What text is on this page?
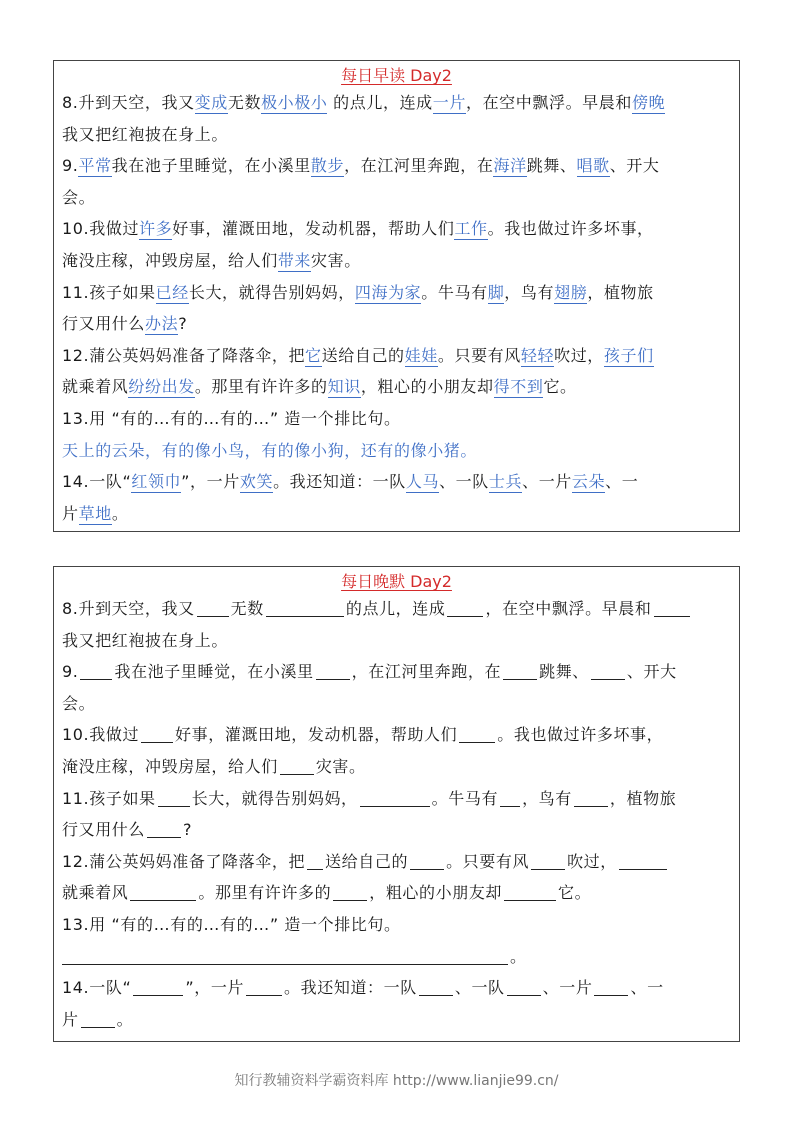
每日早读 Day2
8.升到天空，我又变成无数极小极小 的点儿，连成一片，在空中飘浮。早晨和傍晚
我又把红袍披在身上。
9.平常我在池子里睡觉，在小溪里散步，在江河里奔跑，在海洋跳舞、唱歌、开大
会。
10.我做过许多好事，灌溉田地，发动机器，帮助人们工作。我也做过许多坏事，
淹没庄稼，冲毁房屋，给人们带来灾害。
11.孩子如果已经长大，就得告别妈妈，四海为家。牛马有脚，鸟有翅膀，植物旅
行又用什么办法?
12.蒲公英妈妈准备了降落伞，把它送给自己的娃娃。只要有风轻轻吹过，孩子们
就乘着风纷纷出发。那里有许许多的知识，粗心的小朋友却得不到它。
13.用 “有的…有的…有的…” 造一个排比句。
天上的云朵，有的像小鸟，有的像小狗，还有的像小猪。
14.一队“红领巾”，一片欢笑。我还知道：一队人马、一队士兵、一片云朵、一
片草地。
每日晚默 Day2
8.升到天空，我又 无数	的点儿，连成	，在空中飘浮。早晨和
我又把红袍披在身上。
9. 我在池子里睡觉，在小溪里 ，在江河里奔跑，在 跳舞、 、开大
会。
10.我做过 好事，灌溉田地，发动机器，帮助人们	。我也做过许多坏事，
淹没庄稼，冲毁房屋，给人们 灾害。
11.孩子如果 长大，就得告别妈妈，	。牛马有 ，鸟有 ，植物旅
行又用什么 ?
12.蒲公英妈妈准备了降落伞，把 送给自己的 。只要有风 吹过，
就乘着风	。那里有许许多的 ，粗心的小朋友却	它。
13.用 “有的…有的…有的…” 造一个排比句。
。
14.一队“	”，一片	。我还知道：一队 、一队 、一片 、一
片 。
知行教辅资料学霸资料库 http://www.lianjie99.cn/
